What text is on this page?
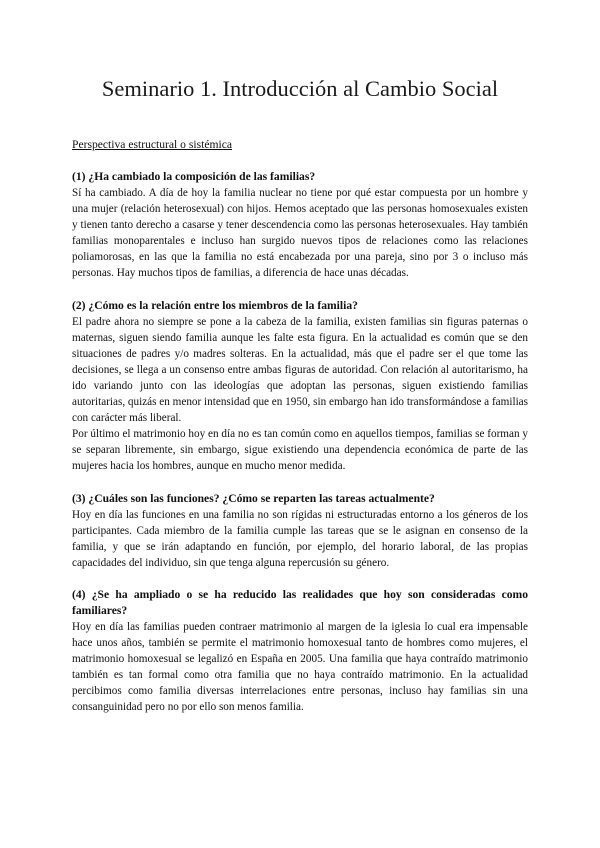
Seminario 1. Introducción al Cambio Social
Perspectiva estructural o sistémica
(1) ¿Ha cambiado la composición de las familias?

Sí ha cambiado. A día de hoy la familia nuclear no tiene por qué estar compuesta por un hombre y una mujer (relación heterosexual) con hijos. Hemos aceptado que las personas homosexuales existen y tienen tanto derecho a casarse y tener descendencia como las personas heterosexuales. Hay también familias monoparentales e incluso han surgido nuevos tipos de relaciones como las relaciones poliamorosas, en las que la familia no está encabezada por una pareja, sino por 3 o incluso más personas. Hay muchos tipos de familias, a diferencia de hace unas décadas.

(2) ¿Cómo es la relación entre los miembros de la familia?

El padre ahora no siempre se pone a la cabeza de la familia, existen familias sin figuras paternas o maternas, siguen siendo familia aunque les falte esta figura. En la actualidad es común que se den situaciones de padres y/o madres solteras. En la actualidad, más que el padre ser el que tome las decisiones, se llega a un consenso entre ambas figuras de autoridad. Con relación al autoritarismo, ha ido variando junto con las ideologías que adoptan las personas, siguen existiendo familias autoritarias, quizás en menor intensidad que en 1950, sin embargo han ido transformándose a familias con carácter más liberal.

Por último el matrimonio hoy en día no es tan común como en aquellos tiempos, familias se forman y se separan libremente, sin embargo, sigue existiendo una dependencia económica de parte de las mujeres hacia los hombres, aunque en mucho menor medida.

(3) ¿Cuáles son las funciones? ¿Cómo se reparten las tareas actualmente?

Hoy en día las funciones en una familia no son rígidas ni estructuradas entorno a los géneros de los participantes. Cada miembro de la familia cumple las tareas que se le asignan en consenso de la familia, y que se irán adaptando en función, por ejemplo, del horario laboral, de las propias capacidades del individuo, sin que tenga alguna repercusión su género.

(4) ¿Se ha ampliado o se ha reducido las realidades que hoy son consideradas como familiares?

Hoy en día las familias pueden contraer matrimonio al margen de la iglesia lo cual era impensable hace unos años, también se permite el matrimonio homoxesual tanto de hombres como mujeres, el matrimonio homoxesual se legalizó en España en 2005. Una familia que haya contraído matrimonio también es tan formal como otra familia que no haya contraído matrimonio. En la actualidad percibimos como familia diversas interrelaciones entre personas, incluso hay familias sin una consanguinidad pero no por ello son menos familia.
